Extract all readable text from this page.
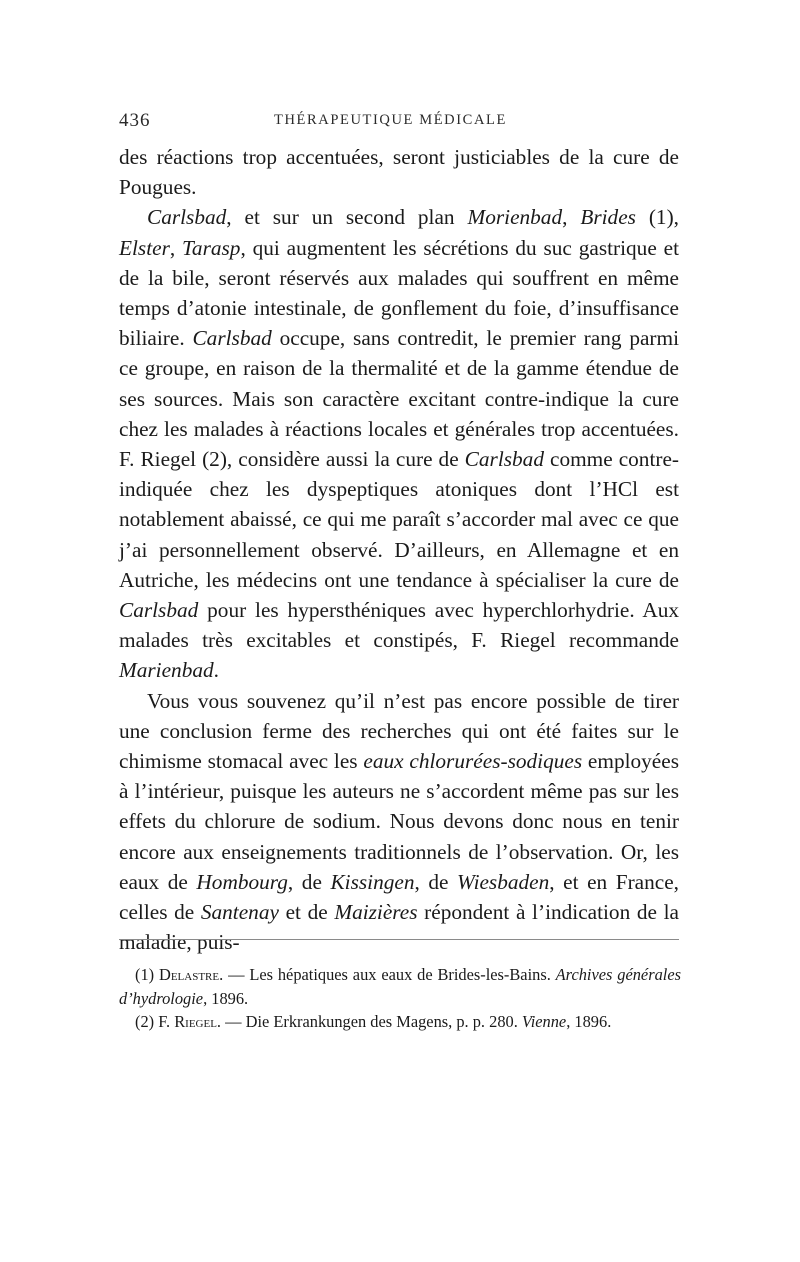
436	THÉRAPEUTIQUE MÉDICALE

des réactions trop accentuées, seront justiciables de la cure de Pougues.

Carlsbad, et sur un second plan Morienbad, Brides (1), Elster, Tarasp, qui augmentent les sécrétions du suc gastrique et de la bile, seront réservés aux malades qui souffrent en même temps d’atonie intestinale, de gonflement du foie, d’insuffisance biliaire. Carlsbad occupe, sans contredit, le premier rang parmi ce groupe, en raison de la thermalité et de la gamme étendue de ses sources. Mais son caractère excitant contre-indique la cure chez les malades à réactions locales et générales trop accentuées. F. Riegel (2), considère aussi la cure de Carlsbad comme contre-indiquée chez les dyspeptiques atoniques dont l’HCl est notablement abaissé, ce qui me paraît s’accorder mal avec ce que j’ai personnellement observé. D’ailleurs, en Allemagne et en Autriche, les médecins ont une tendance à spécialiser la cure de Carlsbad pour les hypersthéniques avec hyperchlorhydrie. Aux malades très excitables et constipés, F. Riegel recommande Marienbad.

Vous vous souvenez qu’il n’est pas encore possible de tirer une conclusion ferme des recherches qui ont été faites sur le chimisme stomacal avec les eaux chlorurées-sodiques employées à l’intérieur, puisque les auteurs ne s’accordent même pas sur les effets du chlorure de sodium. Nous devons donc nous en tenir encore aux enseignements traditionnels de l’observation. Or, les eaux de Hombourg, de Kissingen, de Wiesbaden, et en France, celles de Santenay et de Maizières répondent à l’indication de la maladie, puis-

(1) Delastre. — Les hépatiques aux eaux de Brides-les-Bains. Archives générales d’hydrologie, 1896.

(2) F. Riegel. — Die Erkrankungen des Magens, p. p. 280. Vienne, 1896.
